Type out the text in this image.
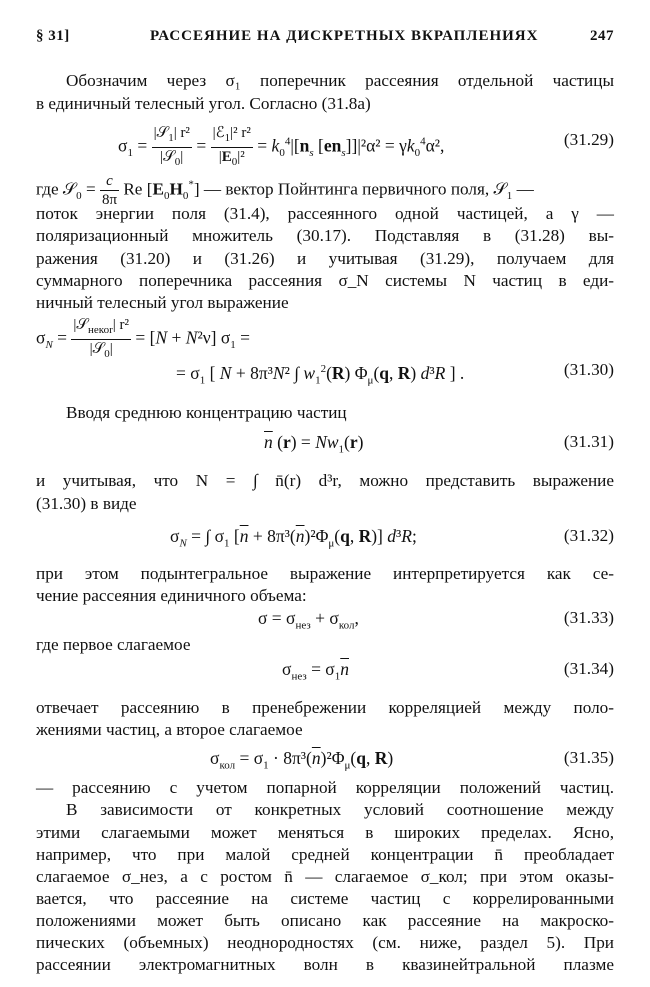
§ 31]	РАССЕЯНИЕ НА ДИСКРЕТНЫХ ВКРАПЛЕНИЯХ	247
Обозначим через σ₁ поперечник рассеяния отдельной частицы
в единичный телесный угол. Согласно (31.8а)
$\sigma_1 = \frac{|𝒮_1| r^2}{|𝒮_0|} = \frac{|ℰ_1|^2 r^2}{|E_0|^2} = k_0^4|[n_s$ $[en_s]]|^2\alpha^2 = \gamma k_0^4\alpha^2$,	(31.29)
где 𝒮$_0$ = $\frac{c}{8\pi}$ Re $[E_0H_0^*]$ — вектор Пойнтинга первичного поля, 𝒮$_1$ —
поток энергии поля (31.4), рассеянного одной частицей, а γ —
поляризационный множитель (30.17). Подставляя в (31.28) вы-
ражения (31.20) и (31.26) и учитывая (31.29), получаем для
суммарного поперечника рассеяния σ_N системы N частиц в еди-
ничный телесный угол выражение
$\sigma_N = \frac{|𝒮_{некоr}| r^2}{|𝒮_0|} = [N + N^2\nu] \sigma_1$ =
= $\sigma_1$ [ N + 8π³N² ∫ $w_1^2(R)$ $\Phi_\mu(q$, R) d³R ] .	(31.30)
Вводя среднюю концентрацию частиц
$\overline{n}$ $(r) = Nw_1(r)$	(31.31)
и учитывая, что N = ∫ n̄(r) d³r, можно представить выражение
(31.30) в виде
$\sigma_N$ = ∫ $\sigma_1$ [$\overline{n} + 8\pi^3(\overline{n})^2\Phi_\mu(q$, R)] d³R;	(31.32)
при этом подынтегральное выражение интерпретируется как се-
чение рассеяния единичного объема:
$\sigma = \sigma_{нез} + \sigma_{кол}$,	(31.33)
где первое слагаемое
$\sigma_{нез} = \sigma_1\overline{n}$	(31.34)
отвечает рассеянию в пренебрежении корреляцией между поло-
жениями частиц, а второе слагаемое
$\sigma_{кол} = \sigma_1 \cdot 8\pi^3(\overline{n})^2\Phi_\mu(q$, R)	(31.35)
— рассеянию с учетом попарной корреляции положений частиц.
В зависимости от конкретных условий соотношение между
этими слагаемыми может меняться в широких пределах. Ясно,
например, что при малой средней концентрации n̄ преобладает
слагаемое σ_нез, а с ростом n̄ — слагаемое σ_кол; при этом оказы-
вается, что рассеяние на системе частиц с коррелированными
положениями может быть описано как рассеяние на макроско-
пических (объемных) неоднородностях (см. ниже, раздел 5). При
рассеянии электромагнитных волн в квазинейтральной плазме
